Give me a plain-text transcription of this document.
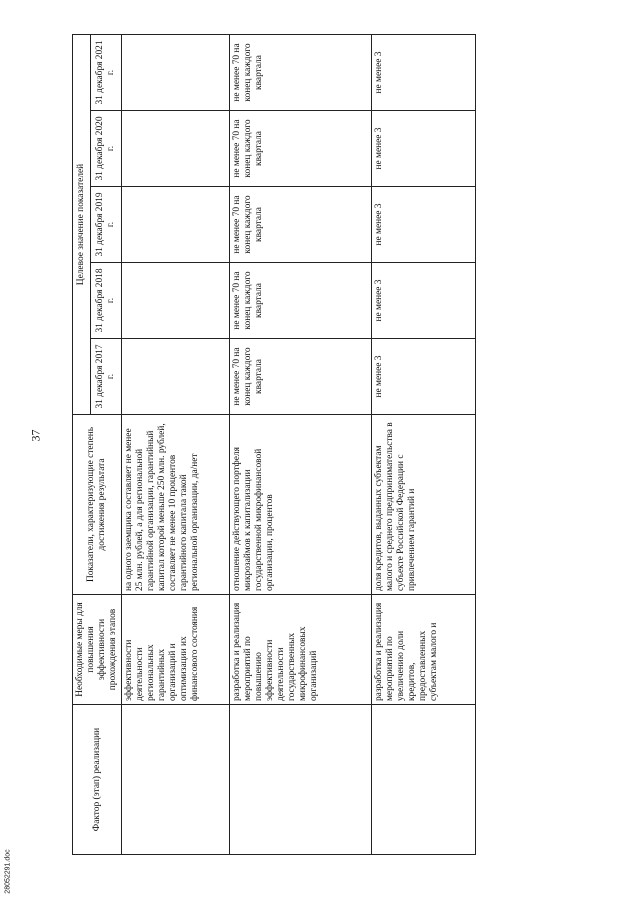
37
28052291.doc
Фактор (этап) реализации	Необходимые меры для повышения эффективности прохождения этапов	Показатели, характеризующие степень достижения результата	Целевое значение показателей				
			31 декабря 2017 г.	31 декабря 2018 г.	31 декабря 2019 г.	31 декабря 2020 г.	31 декабря 2021 г.
	эффективности деятельности региональных гарантийных организаций и оптимизации их финансового состояния	на одного заемщика составляет не менее 25 млн. рублей, а для региональной гарантийной организации, гарантийный капитал которой меньше 250 млн. рублей, составляет не менее 10 процентов гарантийного капитала такой региональной организации, да/нет					
	разработка и реализация мероприятий по повышению эффективности деятельности государственных микрофинансовых организаций	отношение действующего портфеля микрозаймов к капитализации государственной микрофинансовой организации, процентов	не менее 70 на конец каждого квартала	не менее 70 на конец каждого квартала	не менее 70 на конец каждого квартала	не менее 70 на конец каждого квартала	не менее 70 на конец каждого квартала
	разработка и реализация мероприятий по увеличению доли кредитов, предоставленных субъектам малого и	доля кредитов, выданных субъектам малого и среднего предпринимательства в субъекте Российской Федерации с привлечением гарантий и	не менее 3	не менее 3	не менее 3	не менее 3	не менее 3
